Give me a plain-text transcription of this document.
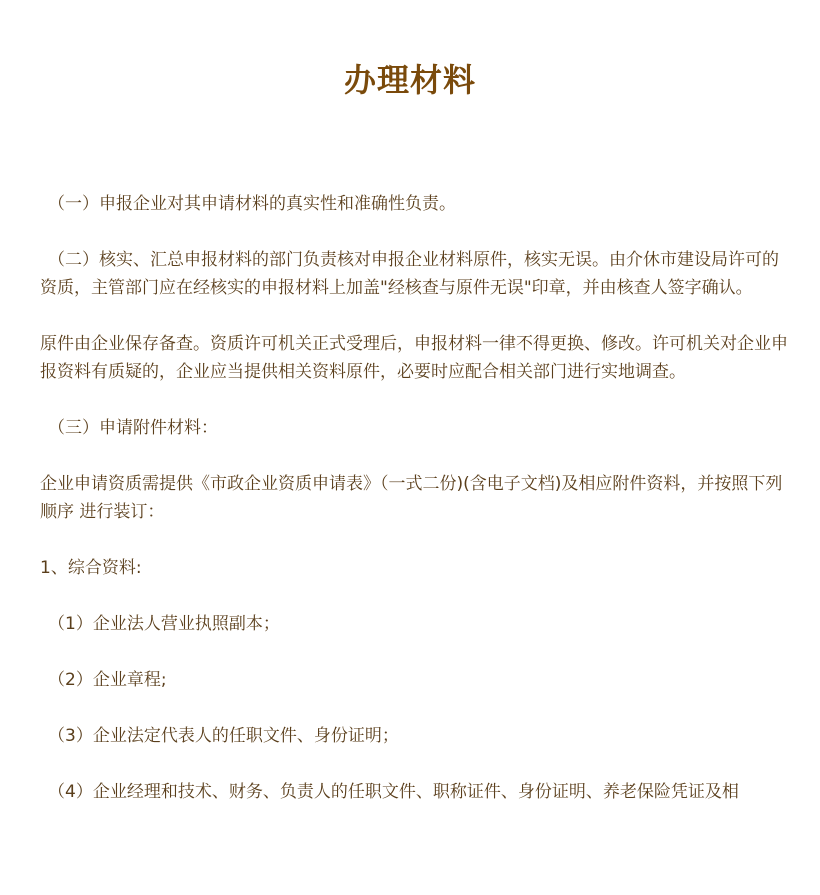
办理材料

（一）申报企业对其申请材料的真实性和准确性负责。

（二）核实、汇总申报材料的部门负责核对申报企业材料原件，核实无误。由介休市建设局许可的资质，主管部门应在经核实的申报材料上加盖"经核查与原件无误"印章，并由核查人签字确认。

原件由企业保存备查。资质许可机关正式受理后，申报材料一律不得更换、修改。许可机关对企业申报资料有质疑的，企业应当提供相关资料原件，必要时应配合相关部门进行实地调查。

（三）申请附件材料：

企业申请资质需提供《市政企业资质申请表》（一式二份)(含电子文档)及相应附件资料，并按照下列顺序 进行装订：

1、综合资料:

（1）企业法人营业执照副本；

（2）企业章程;

（3）企业法定代表人的任职文件、身份证明；

（4）企业经理和技术、财务、负责人的任职文件、职称证件、身份证明、养老保险凭证及相
